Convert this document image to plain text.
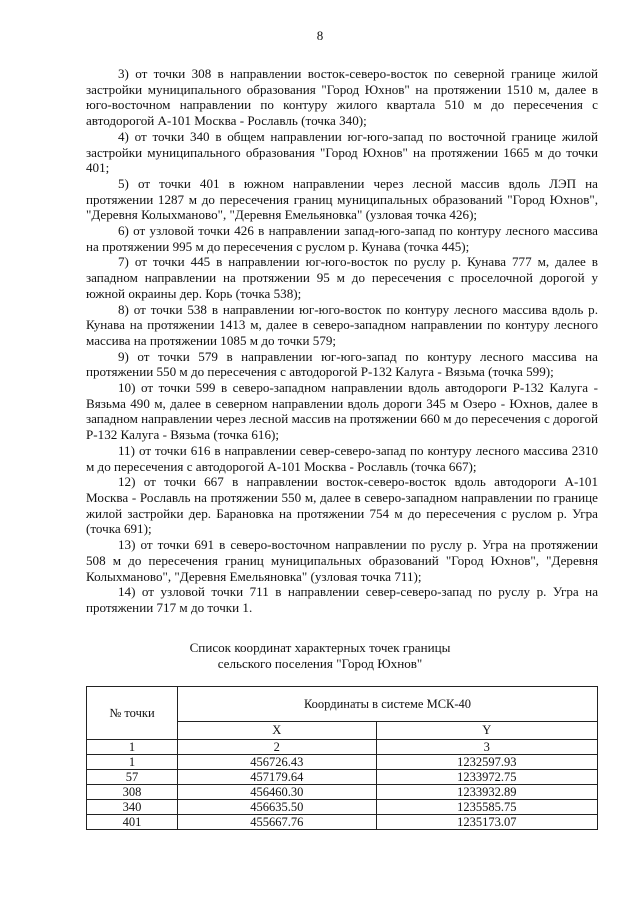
8

3) от точки 308 в направлении восток-северо-восток по северной границе жилой застройки муниципального образования "Город Юхнов" на протяжении 1510 м, далее в юго-восточном направлении по контуру жилого квартала 510 м до пересечения с автодорогой А-101 Москва - Рославль (точка 340);

4) от точки 340 в общем направлении юг-юго-запад по восточной границе жилой застройки муниципального образования "Город Юхнов" на протяжении 1665 м до точки 401;

5) от точки 401 в южном направлении через лесной массив вдоль ЛЭП на протяжении 1287 м до пересечения границ муниципальных образований "Город Юхнов", "Деревня Колыхманово", "Деревня Емельяновка" (узловая точка 426);

6) от узловой точки 426 в направлении запад-юго-запад по контуру лесного массива на протяжении 995 м до пересечения с руслом р. Кунава (точка 445);

7) от точки 445 в направлении юг-юго-восток по руслу р. Кунава 777 м, далее в западном направлении на протяжении 95 м до пересечения с проселочной дорогой у южной окраины дер. Корь (точка 538);

8) от точки 538 в направлении юг-юго-восток по контуру лесного массива вдоль р. Кунава на протяжении 1413 м, далее в северо-западном направлении по контуру лесного массива на протяжении 1085 м до точки 579;

9) от точки 579 в направлении юг-юго-запад по контуру лесного массива на протяжении 550 м до пересечения с автодорогой Р-132 Калуга - Вязьма (точка 599);

10) от точки 599 в северо-западном направлении вдоль автодороги Р-132 Калуга - Вязьма 490 м, далее в северном направлении вдоль дороги 345 м Озеро - Юхнов, далее в западном направлении через лесной массив на протяжении 660 м до пересечения с дорогой Р-132 Калуга - Вязьма (точка 616);

11) от точки 616 в направлении север-северо-запад по контуру лесного массива 2310 м до пересечения с автодорогой А-101 Москва - Рославль (точка 667);

12) от точки 667 в направлении восток-северо-восток вдоль автодороги А-101 Москва - Рославль на протяжении 550 м, далее в северо-западном направлении по границе жилой застройки дер. Барановка на протяжении 754 м до пересечения с руслом р. Угра (точка 691);

13) от точки 691 в северо-восточном направлении по руслу р. Угра на протяжении 508 м до пересечения границ муниципальных образований "Город Юхнов", "Деревня Колыхманово", "Деревня Емельяновка" (узловая точка 711);

14) от узловой точки 711 в направлении север-северо-запад по руслу р. Угра на протяжении 717 м до точки 1.

Список координат характерных точек границы
сельского поселения "Город Юхнов"
№ точки	Координаты в системе МСК-40	
	X	Y
1	2	3
1	456726.43	1232597.93
57	457179.64	1233972.75
308	456460.30	1233932.89
340	456635.50	1235585.75
401	455667.76	1235173.07
